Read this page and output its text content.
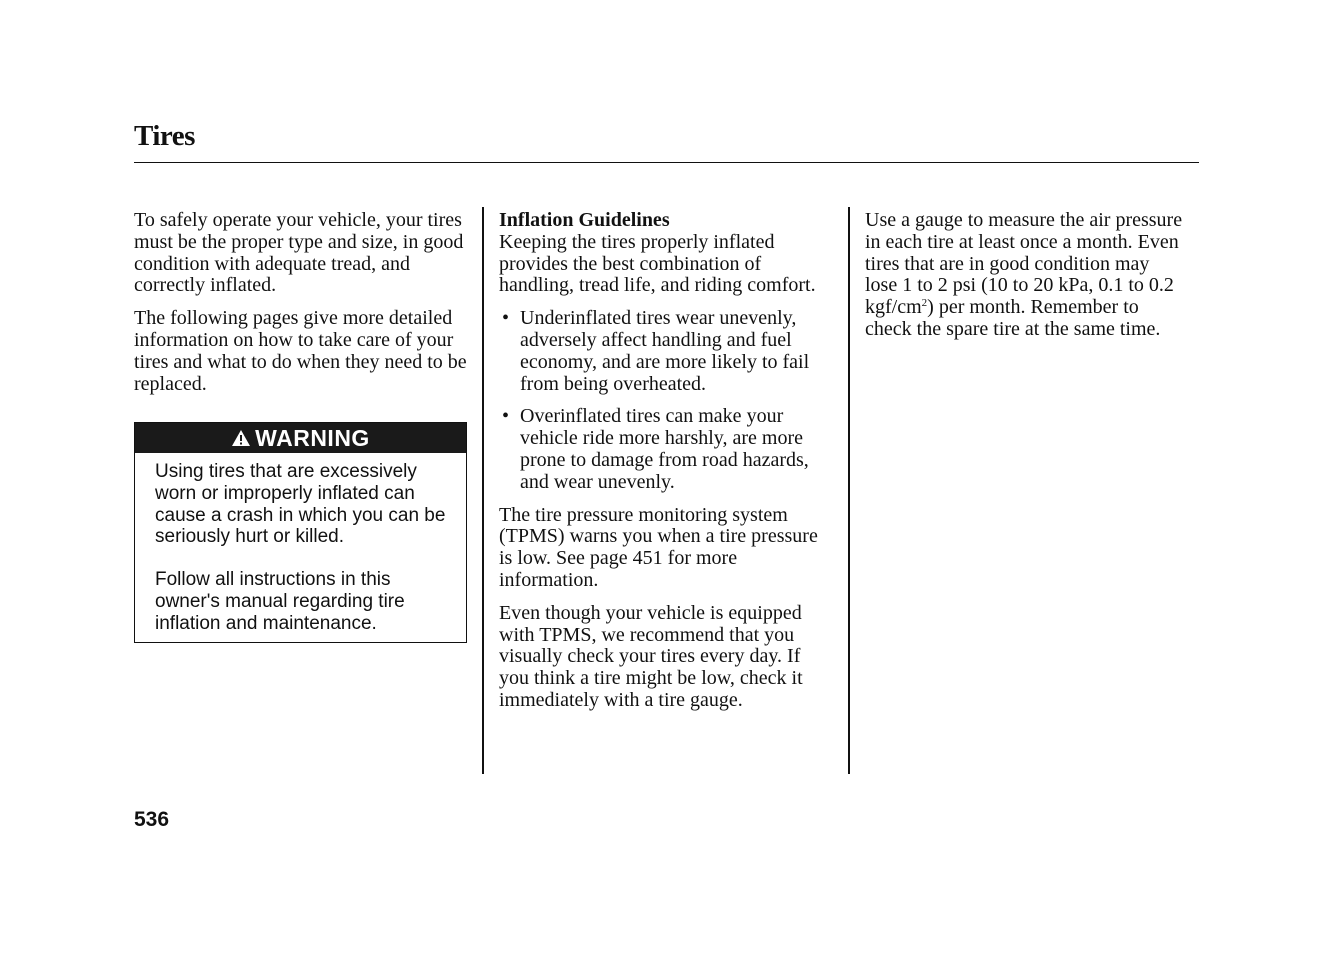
Tires

To safely operate your vehicle, your tires must be the proper type and size, in good condition with adequate tread, and correctly inflated.

The following pages give more detailed information on how to take care of your tires and what to do when they need to be replaced.

WARNING

Using tires that are excessively worn or improperly inflated can cause a crash in which you can be seriously hurt or killed.

Follow all instructions in this owner's manual regarding tire inflation and maintenance.

Inflation Guidelines
Keeping the tires properly inflated provides the best combination of handling, tread life, and riding comfort.

• Underinflated tires wear unevenly, adversely affect handling and fuel economy, and are more likely to fail from being overheated.
• Overinflated tires can make your vehicle ride more harshly, are more prone to damage from road hazards, and wear unevenly.

The tire pressure monitoring system (TPMS) warns you when a tire pressure is low. See page 451 for more information.

Even though your vehicle is equipped with TPMS, we recommend that you visually check your tires every day. If you think a tire might be low, check it immediately with a tire gauge.

Use a gauge to measure the air pressure in each tire at least once a month. Even tires that are in good condition may lose 1 to 2 psi (10 to 20 kPa, 0.1 to 0.2 kgf/$cm^2$) per month. Remember to check the spare tire at the same time.

536
